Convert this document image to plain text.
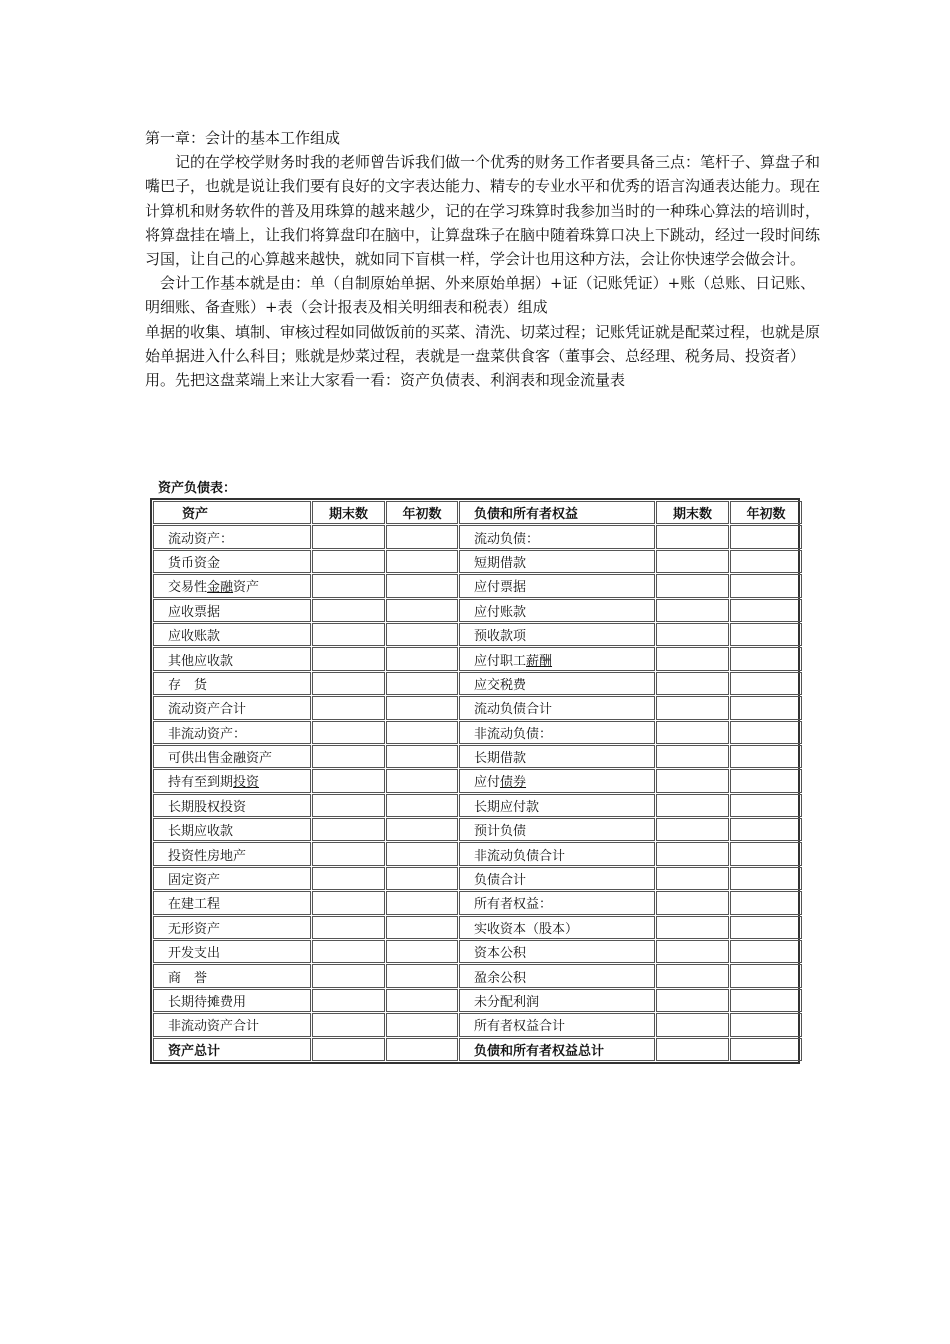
第一章：会计的基本工作组成

　　记的在学校学财务时我的老师曾告诉我们做一个优秀的财务工作者要具备三点：笔杆子、算盘子和嘴巴子，也就是说让我们要有良好的文字表达能力、精专的专业水平和优秀的语言沟通表达能力。现在计算机和财务软件的普及用珠算的越来越少，记的在学习珠算时我参加当时的一种珠心算法的培训时，将算盘挂在墙上，让我们将算盘印在脑中，让算盘珠子在脑中随着珠算口决上下跳动，经过一段时间练习国，让自己的心算越来越快，就如同下盲棋一样，学会计也用这种方法，会让你快速学会做会计。

　会计工作基本就是由：单（自制原始单据、外来原始单据）+证（记账凭证）+账（总账、日记账、明细账、备查账）+表（会计报表及相关明细表和税表）组成

单据的收集、填制、审核过程如同做饭前的买菜、清洗、切菜过程；记账凭证就是配菜过程，也就是原始单据进入什么科目；账就是炒菜过程，表就是一盘菜供食客（董事会、总经理、税务局、投资者）用。先把这盘菜端上来让大家看一看：资产负债表、利润表和现金流量表

资产负债表：
资产	期末数	年初数	负债和所有者权益	期末数	年初数
流动资产：			流动负债：		
货币资金			短期借款		
交易性金融资产			应付票据		
应收票据			应付账款		
应收账款			预收款项		
其他应收款			应付职工薪酬		
存　货			应交税费		
流动资产合计			流动负债合计		
非流动资产：			非流动负债：		
可供出售金融资产			长期借款		
持有至到期投资			应付债券		
长期股权投资			长期应付款		
长期应收款			预计负债		
投资性房地产			非流动负债合计		
固定资产			负债合计		
在建工程			所有者权益：		
无形资产			实收资本（股本）		
开发支出			资本公积		
商　誉			盈余公积		
长期待摊费用			未分配利润		
非流动资产合计			所有者权益合计		
资产总计			负债和所有者权益总计		
